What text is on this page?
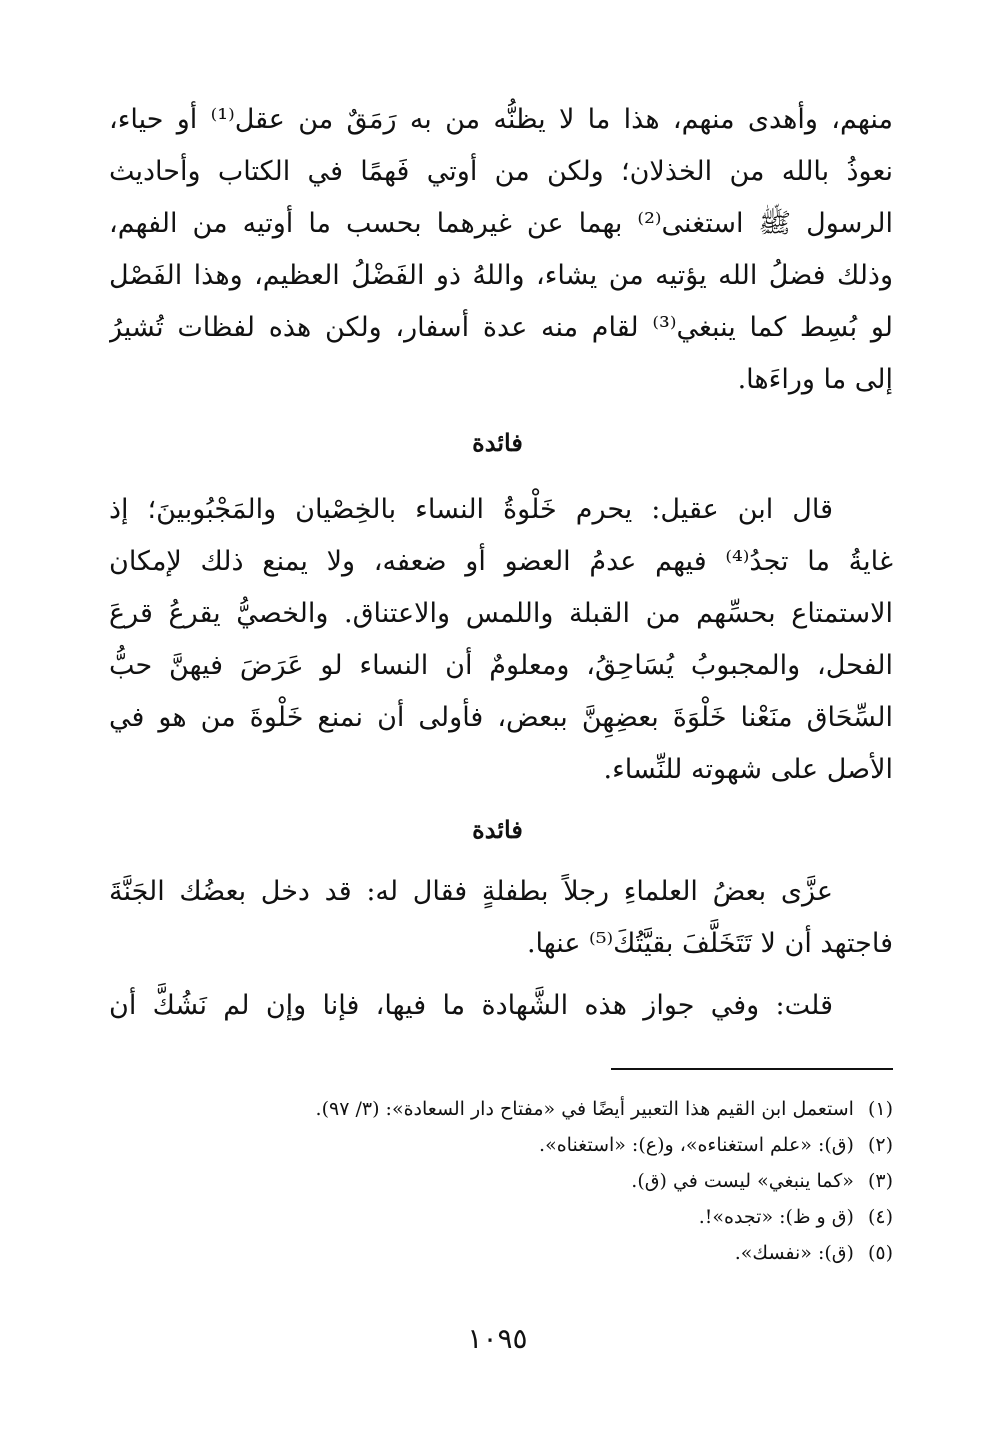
منهم، وأهدى منهم، هذا ما لا يظنُّه من به رَمَقٌ من عقل⁽¹⁾ أو حياء،
نعوذُ بالله من الخذلان؛ ولكن من أوتي فَهمًا في الكتاب وأحاديث
الرسول ﷺ استغنى⁽²⁾ بهما عن غيرهما بحسب ما أوتيه من الفهم،
وذلك فضلُ الله يؤتيه من يشاء، واللهُ ذو الفَضْلُ العظيم، وهذا الفَصْل
لو بُسِط كما ينبغي⁽³⁾ لقام منه عدة أسفار، ولكن هذه لفظات تُشيرُ
إلى ما وراءَها.
فائدة
قال ابن عقيل: يحرم خَلْوةُ النساء بالخِصْيان والمَجْبُوبينَ؛ إذ
غايةُ ما تجدُ⁽⁴⁾ فيهم عدمُ العضو أو ضعفه، ولا يمنع ذلك لإمكان
الاستمتاع بحسِّهم من القبلة واللمس والاعتناق. والخصيُّ يقرعُ قرعَ
الفحل، والمجبوبُ يُسَاحِقُ، ومعلومٌ أن النساء لو عَرَضَ فيهنَّ حبُّ
السِّحَاق منَعْنا خَلْوَةَ بعضِهِنَّ ببعض، فأولى أن نمنع خَلْوةَ من هو في
الأصل على شهوته للنِّساء.
فائدة
عزَّى بعضُ العلماءِ رجلاً بطفلةٍ فقال له: قد دخل بعضُك الجَنَّةَ
فاجتهد أن لا تَتَخَلَّفَ بقيَّتُكَ⁽⁵⁾ عنها.
قلت: وفي جواز هذه الشَّهادة ما فيها، فإنا وإن لم نَشُكَّ أن
(١)استعمل ابن القيم هذا التعبير أيضًا في «مفتاح دار السعادة»: (٣/ ٩٧).
(٢)(ق): «علم استغناءه»، و(ع): «استغناه».
(٣)«كما ينبغي» ليست في (ق).
(٤)(ق و ظ): «تجده»!.
(٥)(ق): «نفسك».
١٠٩٥
